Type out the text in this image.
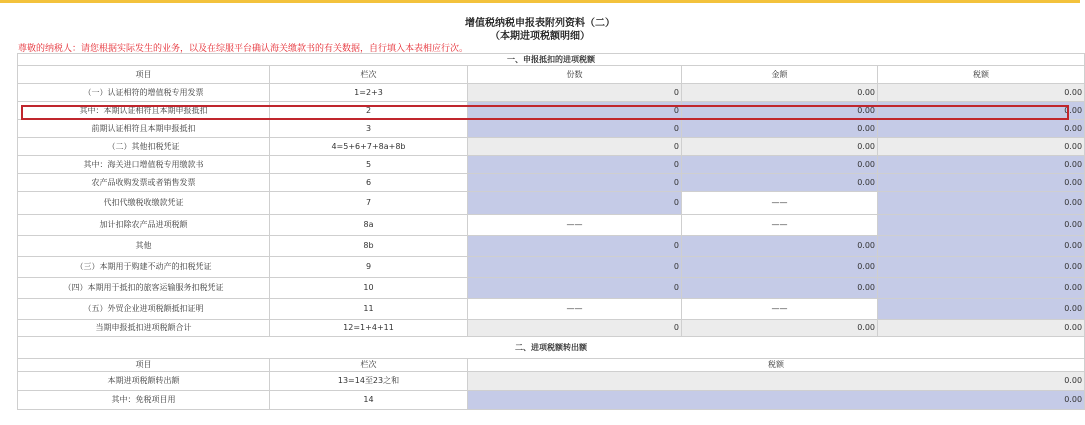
增值税纳税申报表附列资料（二）
（本期进项税额明细）
尊敬的纳税人：请您根据实际发生的业务，以及在综服平台确认海关缴款书的有关数据，自行填入本表相应行次。
一、申报抵扣的进项税额				
项目	栏次	份数	金额	税额
（一）认证相符的增值税专用发票	1=2+3	0	0.00	0.00
其中：本期认证相符且本期申报抵扣	2	0	0.00	0.00
前期认证相符且本期申报抵扣	3	0	0.00	0.00
（二）其他扣税凭证	4=5+6+7+8a+8b	0	0.00	0.00
其中：海关进口增值税专用缴款书	5	0	0.00	0.00
农产品收购发票或者销售发票	6	0	0.00	0.00
代扣代缴税收缴款凭证	7	0	——	0.00
加计扣除农产品进项税额	8a	——	——	0.00
其他	8b	0	0.00	0.00
（三）本期用于购建不动产的扣税凭证	9	0	0.00	0.00
（四）本期用于抵扣的旅客运输服务扣税凭证	10	0	0.00	0.00
（五）外贸企业进项税额抵扣证明	11	——	——	0.00
当期申报抵扣进项税额合计	12=1+4+11	0	0.00	0.00
二、进项税额转出额				
项目	栏次	税额		
本期进项税额转出额	13=14至23之和	0.00		
其中：免税项目用	14	0.00		
